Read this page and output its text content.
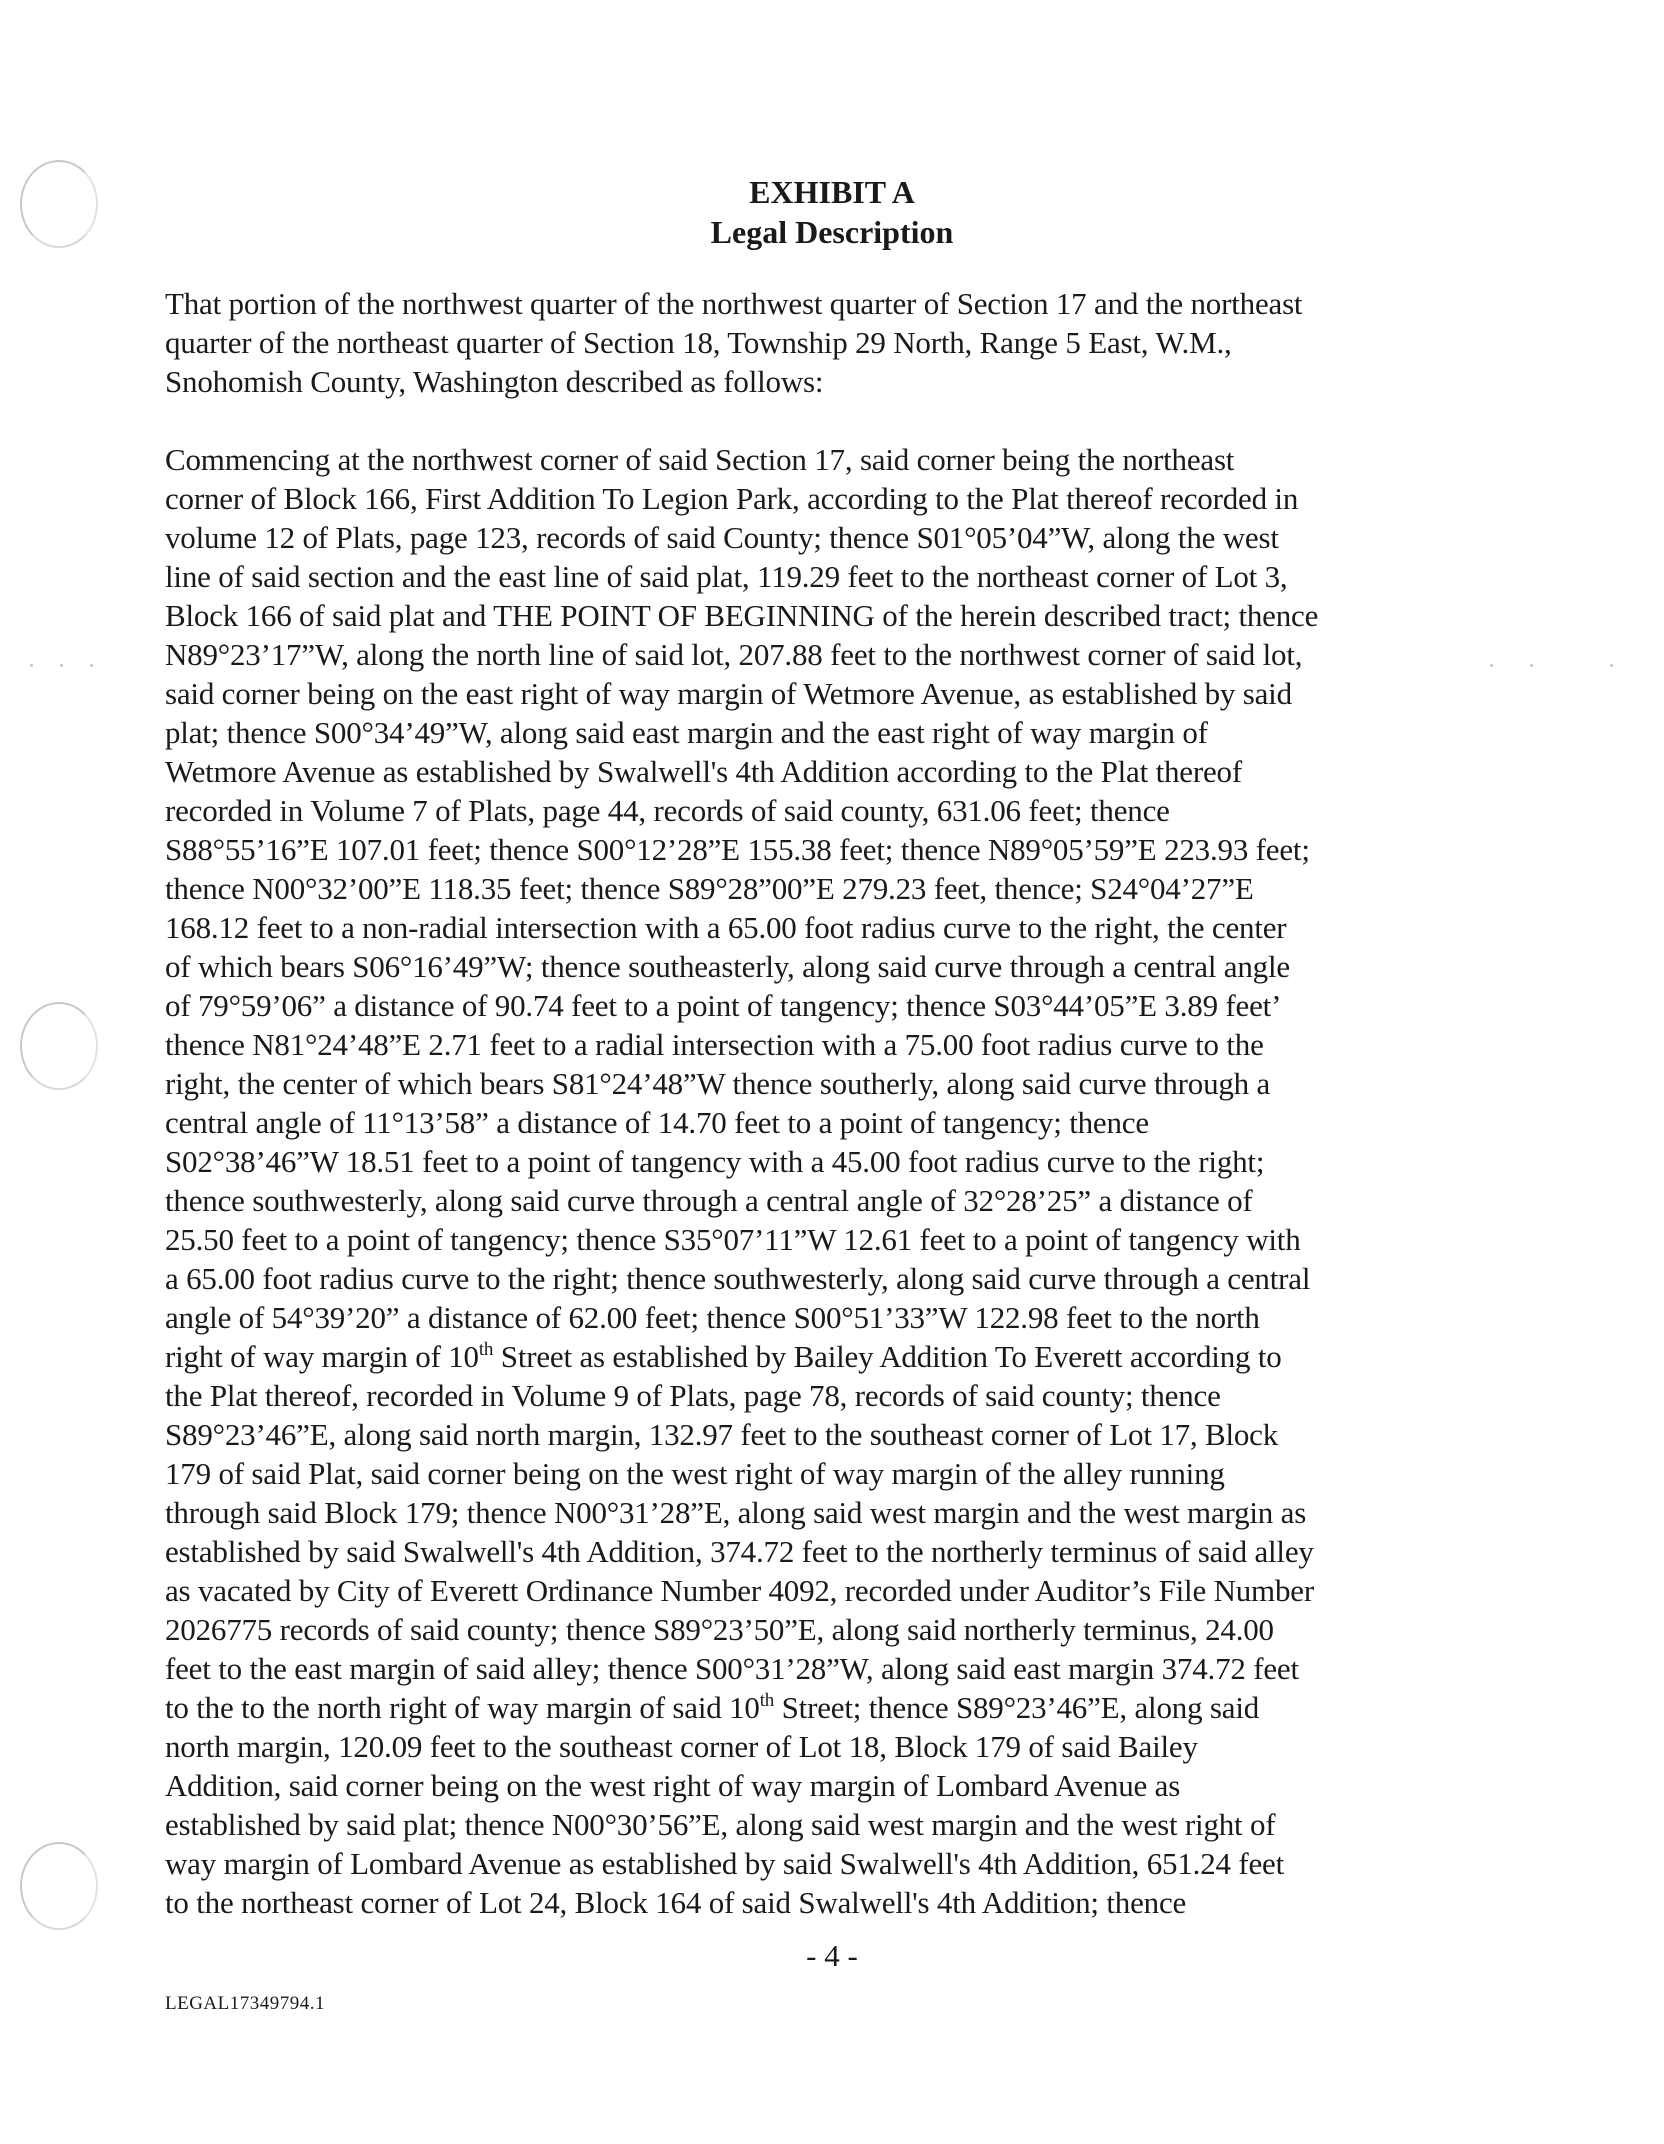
EXHIBIT A
Legal Description

That portion of the northwest quarter of the northwest quarter of Section 17 and the northeast
quarter of the northeast quarter of Section 18, Township 29 North, Range 5 East, W.M.,
Snohomish County, Washington described as follows:

Commencing at the northwest corner of said Section 17, said corner being the northeast
corner of Block 166, First Addition To Legion Park, according to the Plat thereof recorded in
volume 12 of Plats, page 123, records of said County; thence S01°05’04”W, along the west
line of said section and the east line of said plat, 119.29 feet to the northeast corner of Lot 3,
Block 166 of said plat and THE POINT OF BEGINNING of the herein described tract; thence
N89°23’17”W, along the north line of said lot, 207.88 feet to the northwest corner of said lot,
said corner being on the east right of way margin of Wetmore Avenue, as established by said
plat; thence S00°34’49”W, along said east margin and the east right of way margin of
Wetmore Avenue as established by Swalwell's 4th Addition according to the Plat thereof
recorded in Volume 7 of Plats, page 44, records of said county, 631.06 feet; thence
S88°55’16”E 107.01 feet; thence S00°12’28”E 155.38 feet; thence N89°05’59”E 223.93 feet;
thence N00°32’00”E 118.35 feet; thence S89°28”00”E 279.23 feet, thence; S24°04’27”E
168.12 feet to a non-radial intersection with a 65.00 foot radius curve to the right, the center
of which bears S06°16’49”W; thence southeasterly, along said curve through a central angle
of 79°59’06” a distance of 90.74 feet to a point of tangency; thence S03°44’05”E 3.89 feet’
thence N81°24’48”E 2.71 feet to a radial intersection with a 75.00 foot radius curve to the
right, the center of which bears S81°24’48”W thence southerly, along said curve through a
central angle of 11°13’58” a distance of 14.70 feet to a point of tangency; thence
S02°38’46”W 18.51 feet to a point of tangency with a 45.00 foot radius curve to the right;
thence southwesterly, along said curve through a central angle of 32°28’25” a distance of
25.50 feet to a point of tangency; thence S35°07’11”W 12.61 feet to a point of tangency with
a 65.00 foot radius curve to the right; thence southwesterly, along said curve through a central
angle of 54°39’20” a distance of 62.00 feet; thence S00°51’33”W 122.98 feet to the north
right of way margin of 10th Street as established by Bailey Addition To Everett according to
the Plat thereof, recorded in Volume 9 of Plats, page 78, records of said county; thence
S89°23’46”E, along said north margin, 132.97 feet to the southeast corner of Lot 17, Block
179 of said Plat, said corner being on the west right of way margin of the alley running
through said Block 179; thence N00°31’28”E, along said west margin and the west margin as
established by said Swalwell's 4th Addition, 374.72 feet to the northerly terminus of said alley
as vacated by City of Everett Ordinance Number 4092, recorded under Auditor’s File Number
2026775 records of said county; thence S89°23’50”E, along said northerly terminus, 24.00
feet to the east margin of said alley; thence S00°31’28”W, along said east margin 374.72 feet
to the to the north right of way margin of said 10th Street; thence S89°23’46”E, along said
north margin, 120.09 feet to the southeast corner of Lot 18, Block 179 of said Bailey
Addition, said corner being on the west right of way margin of Lombard Avenue as
established by said plat; thence N00°30’56”E, along said west margin and the west right of
way margin of Lombard Avenue as established by said Swalwell's 4th Addition, 651.24 feet
to the northeast corner of Lot 24, Block 164 of said Swalwell's 4th Addition; thence

- 4 -
LEGAL17349794.1
